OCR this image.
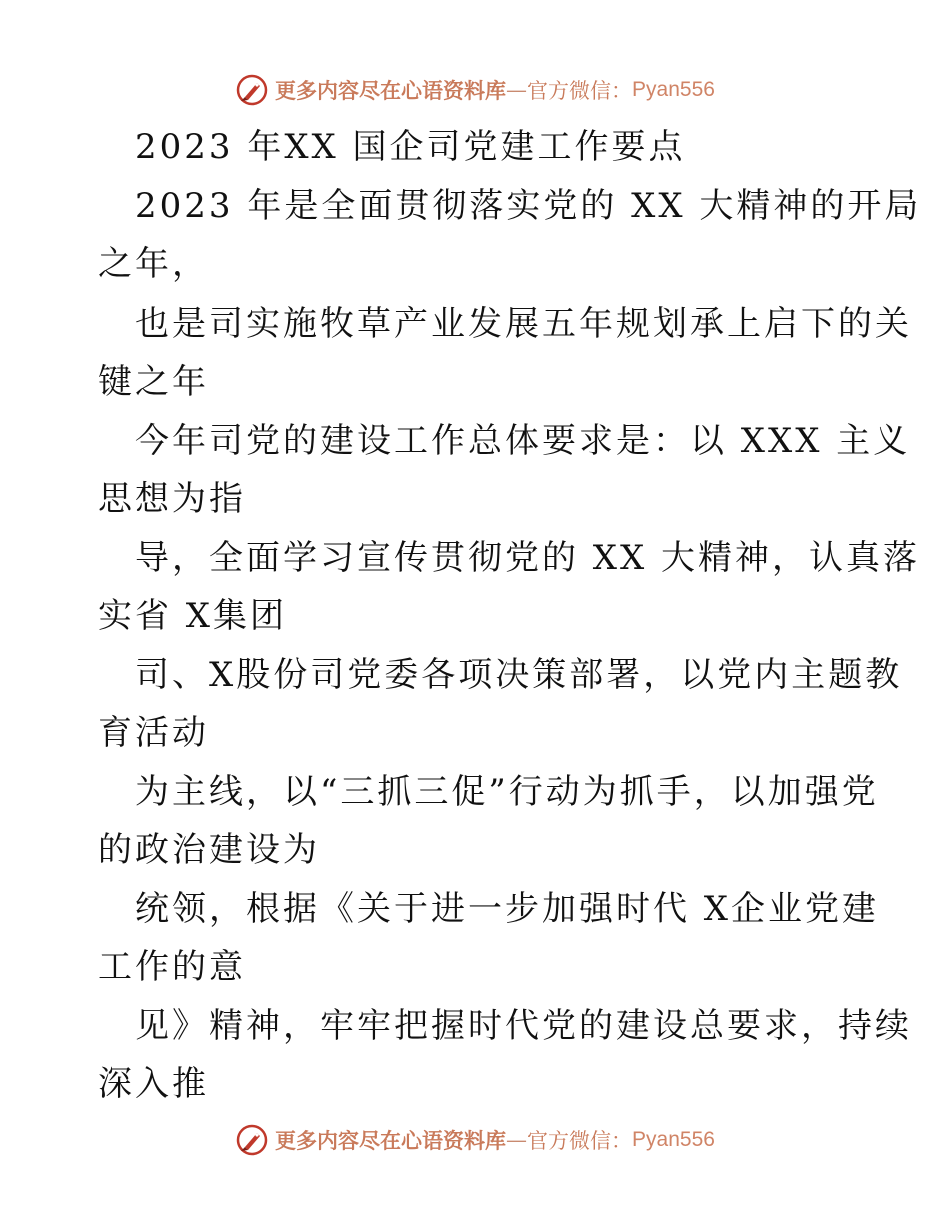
更多内容尽在心语资料库 — 官方微信： Pyan556
2023 年XX 国企司党建工作要点
2023 年是全面贯彻落实党的 XX 大精神的开局
之年，
也是司实施牧草产业发展五年规划承上启下的关
键之年
今年司党的建设工作总体要求是：以 XXX 主义
思想为指
导，全面学习宣传贯彻党的 XX 大精神，认真落
实省 X集团
司、X股份司党委各项决策部署，以党内主题教
育活动
为主线，以“三抓三促”行动为抓手，以加强党
的政治建设为
统领，根据《关于进一步加强时代 X企业党建
工作的意
见》精神，牢牢把握时代党的建设总要求，持续
深入推
更多内容尽在心语资料库 — 官方微信： Pyan556
